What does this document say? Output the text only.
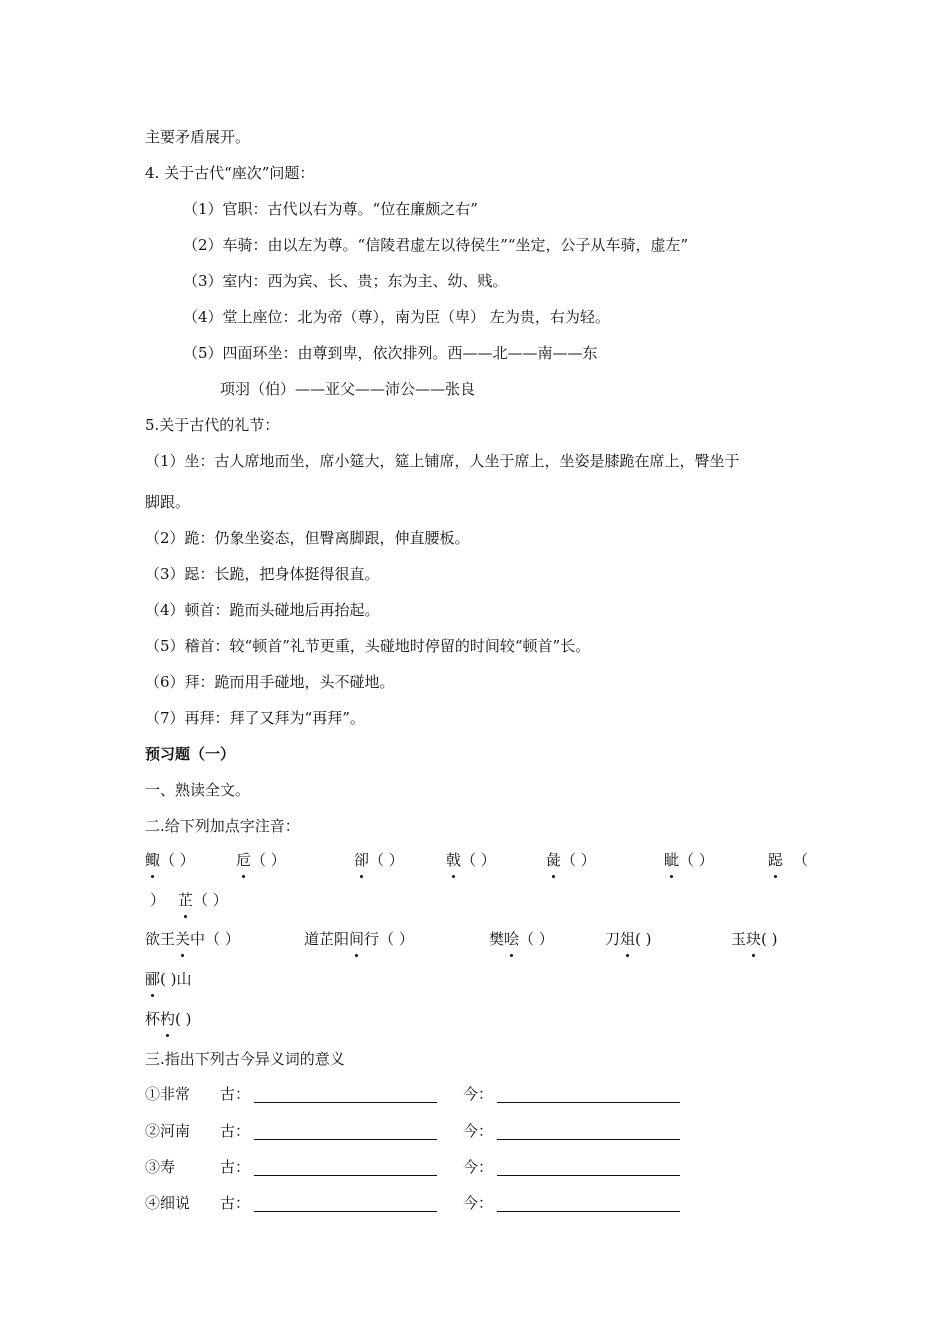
主要矛盾展开。
4. 关于古代“座次”问题：
（1）官职：古代以右为尊。“位在廉颇之右”
（2）车骑：由以左为尊。“信陵君虚左以待侯生”“坐定，公子从车骑，虚左”
（3）室内：西为宾、长、贵；东为主、幼、贱。
（4）堂上座位：北为帝（尊），南为臣（卑） 左为贵，右为轻。
（5）四面环坐：由尊到卑，依次排列。西——北——南——东
项羽（伯）——亚父——沛公——张良
5.关于古代的礼节：
（1）坐：古人席地而坐，席小筵大，筵上铺席，人坐于席上，坐姿是膝跪在席上，臀坐于
脚跟。
（2）跪：仍象坐姿态，但臀离脚跟，伸直腰板。
（3）跽：长跪，把身体挺得很直。
（4）顿首：跪而头碰地后再抬起。
（5）稽首：较“顿首”礼节更重，头碰地时停留的时间较“顿首”长。
（6）拜：跪而用手碰地，头不碰地。
（7）再拜：拜了又拜为“再拜”。
预习题（一）
一、熟读全文。
二.给下列加点字注音：
鲰（ ）	卮（ ）	卻（ ）	戟（ ）	彘（ ）	眦（ ）	跽 （
） 芷（ ）
欲王关中（ ）	道芷阳间行（ ）	樊哙（ ）	刀俎( )	玉玦( )
郦( )山
杯杓( )
三.指出下列古今异义词的意义
①非常 古：	今：
②河南 古：	今：
③寿	古：	今：
④细说 古：	今：
